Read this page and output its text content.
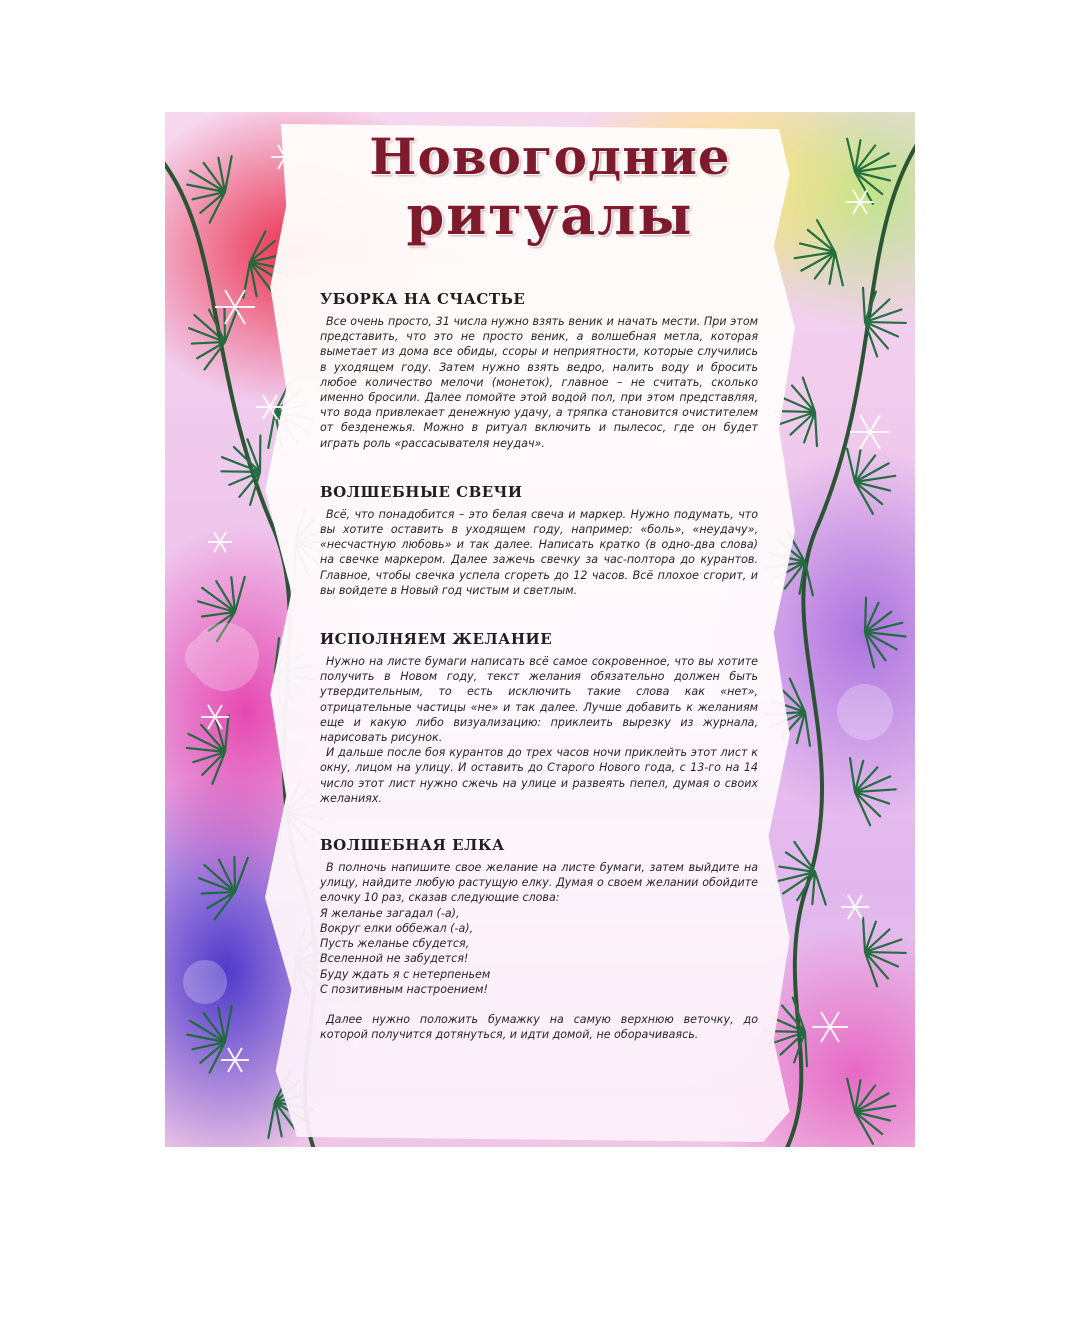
Новогодние
ритуалы
УБОРКА НА СЧАСТЬЕ

Все очень просто, 31 числа нужно взять веник и начать мести. При этом представить, что это не просто веник, а волшебная метла, которая выметает из дома все обиды, ссоры и неприятности, которые случились в уходящем году. Затем нужно взять ведро, налить воду и бросить любое количество мелочи (монеток), главное – не считать, сколько именно бросили. Далее помойте этой водой пол, при этом представляя, что вода привлекает денежную удачу, а тряпка становится очистителем от безденежья. Можно в ритуал включить и пылесос, где он будет играть роль «рассасывателя неудач».

ВОЛШЕБНЫЕ СВЕЧИ

Всё, что понадобится – это белая свеча и маркер. Нужно подумать, что вы хотите оставить в уходящем году, например: «боль», «неудачу», «несчастную любовь» и так далее. Написать кратко (в одно-два слова) на свечке маркером. Далее зажечь свечку за час-полтора до курантов. Главное, чтобы свечка успела сгореть до 12 часов. Всё плохое сгорит, и вы войдете в Новый год чистым и светлым.

ИСПОЛНЯЕМ ЖЕЛАНИЕ

Нужно на листе бумаги написать всё самое сокровенное, что вы хотите получить в Новом году, текст желания обязательно должен быть утвердительным, то есть исключить такие слова как «нет», отрицательные частицы «не» и так далее. Лучше добавить к желаниям еще и какую либо визуализацию: приклеить вырезку из журнала, нарисовать рисунок.

И дальше после боя курантов до трех часов ночи приклейть этот лист к окну, лицом на улицу. И оставить до Старого Нового года, с 13-го на 14 число этот лист нужно сжечь на улице и развеять пепел, думая о своих желаниях.

ВОЛШЕБНАЯ ЕЛКА

В полночь напишите свое желание на листе бумаги, затем выйдите на улицу, найдите любую растущую елку. Думая о своем желании обойдите елочку 10 раз, сказав следующие слова:

Я желанье загадал (-а),
Вокруг елки оббежал (-а),
Пусть желанье сбудется,
Вселенной не забудется!
Буду ждать я с нетерпеньем
С позитивным настроением!

Далее нужно положить бумажку на самую верхнюю веточку, до которой получится дотянуться, и идти домой, не оборачиваясь.
